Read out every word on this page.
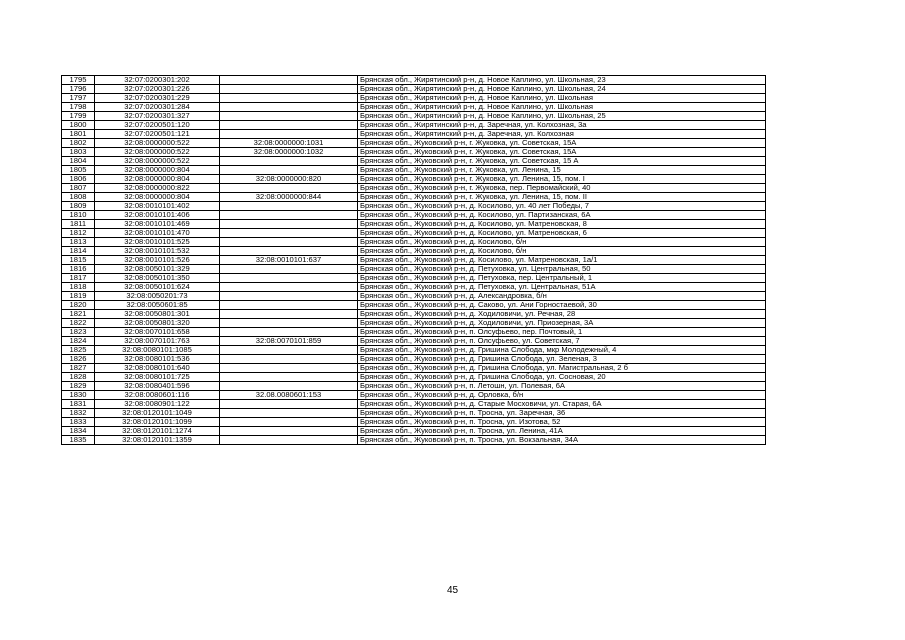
1795	32:07:0200301:202		Брянская обл., Жирятинский р-н, д. Новое Каплино, ул. Школьная, 23
1796	32:07:0200301:226		Брянская обл., Жирятинский р-н, д. Новое Каплино, ул. Школьная, 24
1797	32:07:0200301:229		Брянская обл., Жирятинский р-н, д. Новое Каплино, ул. Школьная
1798	32:07:0200301:284		Брянская обл., Жирятинский р-н, д. Новое Каплино, ул. Школьная
1799	32:07:0200301:327		Брянская обл., Жирятинский р-н, д. Новое Каплино, ул. Школьная, 25
1800	32:07:0200501:120		Брянская обл., Жирятинский р-н, д. Заречная, ул. Колхозная, 3а
1801	32:07:0200501:121		Брянская обл., Жирятинский р-н, д. Заречная, ул. Колхозная
1802	32:08:0000000:522	32:08:0000000:1031	Брянская обл., Жуковский р-н, г. Жуковка, ул. Советская, 15А
1803	32:08:0000000:522	32:08:0000000:1032	Брянская обл., Жуковский р-н, г. Жуковка, ул. Советская, 15А
1804	32:08:0000000:522		Брянская обл., Жуковский р-н, г. Жуковка, ул. Советская, 15 А
1805	32:08:0000000:804		Брянская обл., Жуковский р-н, г. Жуковка, ул. Ленина, 15
1806	32:08:0000000:804	32:08:0000000:820	Брянская обл., Жуковский р-н, г. Жуковка, ул. Ленина, 15, пом. I
1807	32:08:0000000:822		Брянская обл., Жуковский р-н, г. Жуковка, пер. Первомайский, 40
1808	32:08:0000000:804	32:08:0000000:844	Брянская обл., Жуковский р-н, г. Жуковка, ул. Ленина, 15, пом. II
1809	32:08:0010101:402		Брянская обл., Жуковский р-н, д. Косилово, ул. 40 лет Победы, 7
1810	32:08:0010101:406		Брянская обл., Жуковский р-н, д. Косилово, ул. Партизанская, 6А
1811	32:08:0010101:469		Брянская обл., Жуковский р-н, д. Косилово, ул. Матреновская, 8
1812	32:08:0010101:470		Брянская обл., Жуковский р-н, д. Косилово, ул. Матреновская, 6
1813	32:08:0010101:525		Брянская обл., Жуковский р-н, д. Косилово, б/н
1814	32:08:0010101:532		Брянская обл., Жуковский р-н, д. Косилово, б/н
1815	32:08:0010101:526	32:08:0010101:637	Брянская обл., Жуковский р-н, д. Косилово, ул. Матреновская, 1а/1
1816	32:08:0050101:329		Брянская обл., Жуковский р-н, д. Петуховка, ул. Центральная, 50
1817	32:08:0050101:350		Брянская обл., Жуковский р-н, д. Петуховка, пер. Центральный, 1
1818	32:08:0050101:624		Брянская обл., Жуковский р-н, д. Петуховка, ул. Центральная, 51А
1819	32:08:0050201:73		Брянская обл., Жуковский р-н, д. Александровка, б/н
1820	32:08:0050601:85		Брянская обл., Жуковский р-н, д. Саково, ул. Ани Горностаевой, 30
1821	32:08:0050801:301		Брянская обл., Жуковский р-н, д. Ходиловичи, ул. Речная, 28
1822	32:08:0050801:320		Брянская обл., Жуковский р-н, д. Ходиловичи, ул. Приозерная, 3А
1823	32:08:0070101:658		Брянская обл., Жуковский р-н, п. Олсуфьево, пер. Почтовый, 1
1824	32:08:0070101:763	32:08:0070101:859	Брянская обл., Жуковский р-н, п. Олсуфьево, ул. Советская, 7
1825	32:08:0080101:1085		Брянская обл., Жуковский р-н, д. Гришина Слобода, мкр Молодежный, 4
1826	32:08:0080101:536		Брянская обл., Жуковский р-н, д. Гришина Слобода, ул. Зеленая, 3
1827	32:08:0080101:640		Брянская обл., Жуковский р-н, д. Гришина Слобода, ул. Магистральная, 2 б
1828	32:08:0080101:725		Брянская обл., Жуковский р-н, д. Гришина Слобода, ул. Сосновая, 20
1829	32:08:0080401:596		Брянская обл., Жуковский р-н, п. Летошн, ул. Полевая, 6А
1830	32:08:0080601:116	32.08.0080601:153	Брянская обл., Жуковский р-н, д. Орловка, б/н
1831	32:08:0080901:122		Брянская обл., Жуковский р-н, д. Старые Мосховичи, ул. Старая, 6А
1832	32:08:0120101:1049		Брянская обл., Жуковский р-н, п. Тросна, ул. Заречная, 36
1833	32:08:0120101:1099		Брянская обл., Жуковский р-н, п. Тросна, ул. Изотова, 52
1834	32:08:0120101:1274		Брянская обл., Жуковский р-н, п. Тросна, ул. Ленина, 41А
1835	32:08:0120101:1359		Брянская обл., Жуковский р-н, п. Тросна, ул. Вокзальная, 34А
45
